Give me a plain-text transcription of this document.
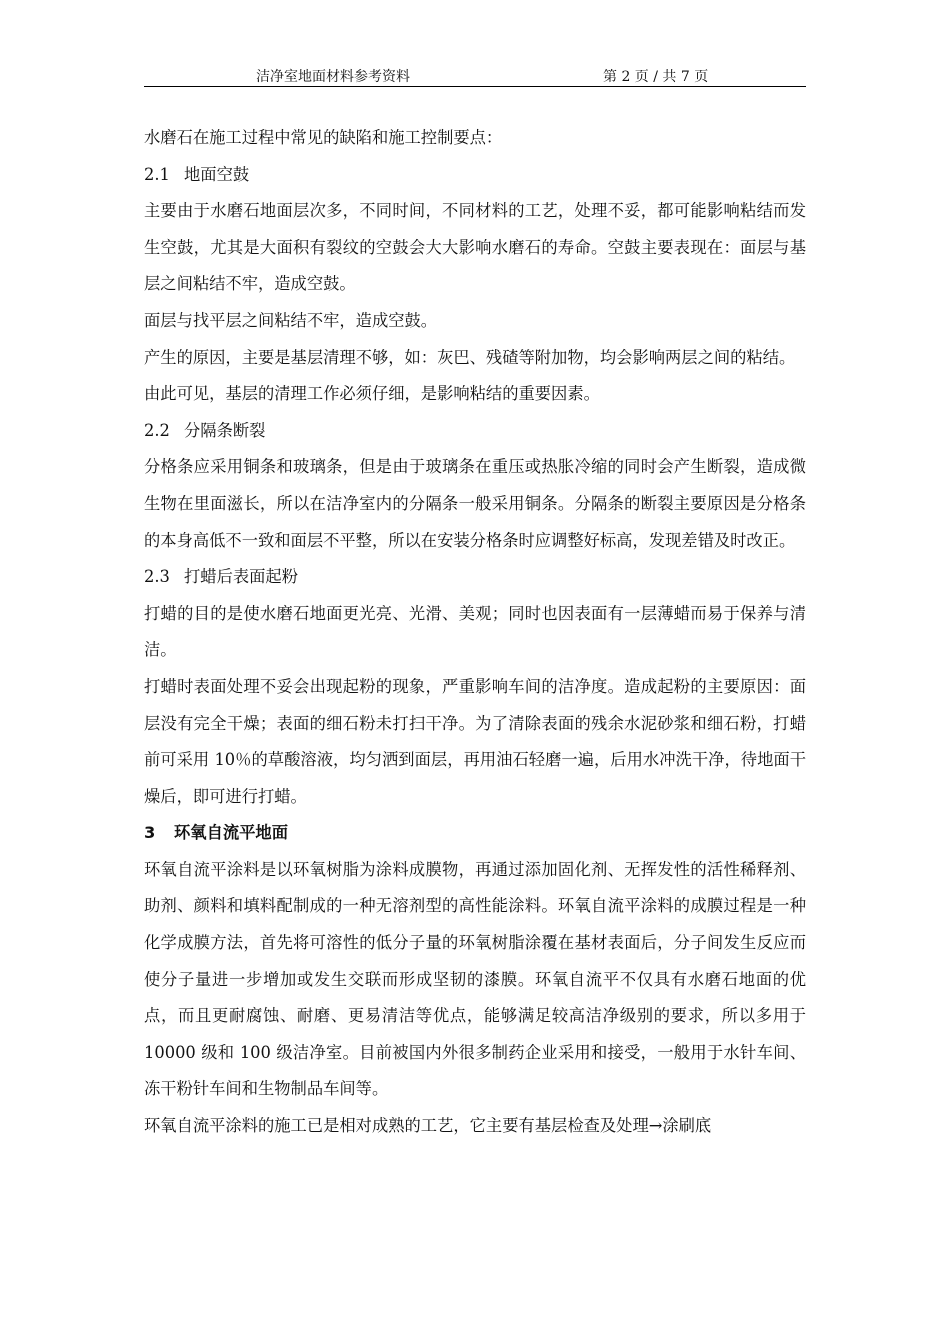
洁净室地面材料参考资料	第 2 页 / 共 7 页

水磨石在施工过程中常见的缺陷和施工控制要点：

2.1 地面空鼓

主要由于水磨石地面层次多，不同时间，不同材料的工艺，处理不妥，都可能影响粘结而发生空鼓，尤其是大面积有裂纹的空鼓会大大影响水磨石的寿命。空鼓主要表现在：面层与基层之间粘结不牢，造成空鼓。

面层与找平层之间粘结不牢，造成空鼓。

产生的原因，主要是基层清理不够，如：灰巴、残碴等附加物，均会影响两层之间的粘结。

由此可见，基层的清理工作必须仔细，是影响粘结的重要因素。

2.2 分隔条断裂

分格条应采用铜条和玻璃条，但是由于玻璃条在重压或热胀冷缩的同时会产生断裂，造成微生物在里面滋长，所以在洁净室内的分隔条一般采用铜条。分隔条的断裂主要原因是分格条的本身高低不一致和面层不平整，所以在安装分格条时应调整好标高，发现差错及时改正。

2.3 打蜡后表面起粉

打蜡的目的是使水磨石地面更光亮、光滑、美观；同时也因表面有一层薄蜡而易于保养与清洁。

打蜡时表面处理不妥会出现起粉的现象，严重影响车间的洁净度。造成起粉的主要原因：面层没有完全干燥；表面的细石粉未打扫干净。为了清除表面的残余水泥砂浆和细石粉，打蜡前可采用 10％的草酸溶液，均匀洒到面层，再用油石轻磨一遍，后用水冲洗干净，待地面干燥后，即可进行打蜡。

3 环氧自流平地面

环氧自流平涂料是以环氧树脂为涂料成膜物，再通过添加固化剂、无挥发性的活性稀释剂、助剂、颜料和填料配制成的一种无溶剂型的高性能涂料。环氧自流平涂料的成膜过程是一种化学成膜方法，首先将可溶性的低分子量的环氧树脂涂覆在基材表面后，分子间发生反应而使分子量进一步增加或发生交联而形成坚韧的漆膜。环氧自流平不仅具有水磨石地面的优点，而且更耐腐蚀、耐磨、更易清洁等优点，能够满足较高洁净级别的要求，所以多用于 10000 级和 100 级洁净室。目前被国内外很多制药企业采用和接受，一般用于水针车间、冻干粉针车间和生物制品车间等。

环氧自流平涂料的施工已是相对成熟的工艺，它主要有基层检查及处理→涂刷底
